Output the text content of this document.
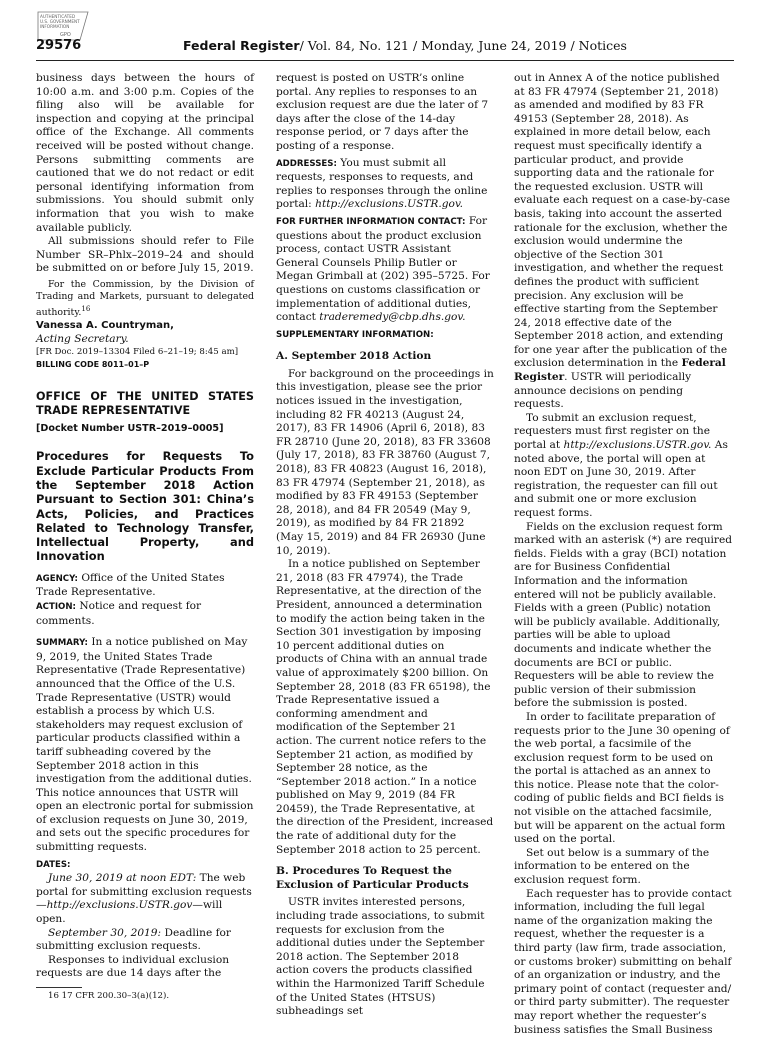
AUTHENTICATED
U.S. GOVERNMENT
INFORMATION
GPO
29576	Federal Register/ Vol. 84, No. 121 / Monday, June 24, 2019 / Notices

business days between the hours of 10:00 a.m. and 3:00 p.m. Copies of the filing also will be available for inspection and copying at the principal office of the Exchange. All comments received will be posted without change. Persons submitting comments are cautioned that we do not redact or edit personal identifying information from submissions. You should submit only information that you wish to make available publicly.

All submissions should refer to File Number SR–Phlx–2019–24 and should be submitted on or before July 15, 2019.

For the Commission, by the Division of Trading and Markets, pursuant to delegated authority.$^{16}$

Vanessa A. Countryman,

Acting Secretary.

[FR Doc. 2019–13304 Filed 6–21–19; 8:45 am]

BILLING CODE 8011–01–P

OFFICE OF THE UNITED STATES TRADE REPRESENTATIVE

[Docket Number USTR–2019–0005]

Procedures for Requests To Exclude Particular Products From the September 2018 Action Pursuant to Section 301: China’s Acts, Policies, and Practices Related to Technology Transfer, Intellectual Property, and Innovation

AGENCY: Office of the United States Trade Representative.

ACTION: Notice and request for comments.

SUMMARY: In a notice published on May 9, 2019, the United States Trade Representative (Trade Representative) announced that the Office of the U.S. Trade Representative (USTR) would establish a process by which U.S. stakeholders may request exclusion of particular products classified within a tariff subheading covered by the September 2018 action in this investigation from the additional duties. This notice announces that USTR will open an electronic portal for submission of exclusion requests on June 30, 2019, and sets out the specific procedures for submitting requests.

DATES:

June 30, 2019 at noon EDT: The web portal for submitting exclusion requests—http://exclusions.USTR.gov—will open.

September 30, 2019: Deadline for submitting exclusion requests.

Responses to individual exclusion requests are due 14 days after the

16 17 CFR 200.30–3(a)(12).

request is posted on USTR’s online portal. Any replies to responses to an exclusion request are due the later of 7 days after the close of the 14-day response period, or 7 days after the posting of a response.

ADDRESSES: You must submit all requests, responses to requests, and replies to responses through the online portal: http://exclusions.USTR.gov.

FOR FURTHER INFORMATION CONTACT: For questions about the product exclusion process, contact USTR Assistant General Counsels Philip Butler or Megan Grimball at (202) 395–5725. For questions on customs classification or implementation of additional duties, contact traderemedy@cbp.dhs.gov.

SUPPLEMENTARY INFORMATION:

A. September 2018 Action

For background on the proceedings in this investigation, please see the prior notices issued in the investigation, including 82 FR 40213 (August 24, 2017), 83 FR 14906 (April 6, 2018), 83 FR 28710 (June 20, 2018), 83 FR 33608 (July 17, 2018), 83 FR 38760 (August 7, 2018), 83 FR 40823 (August 16, 2018), 83 FR 47974 (September 21, 2018), as modified by 83 FR 49153 (September 28, 2018), and 84 FR 20549 (May 9, 2019), as modified by 84 FR 21892 (May 15, 2019) and 84 FR 26930 (June 10, 2019).

In a notice published on September 21, 2018 (83 FR 47974), the Trade Representative, at the direction of the President, announced a determination to modify the action being taken in the Section 301 investigation by imposing 10 percent additional duties on products of China with an annual trade value of approximately $200 billion. On September 28, 2018 (83 FR 65198), the Trade Representative issued a conforming amendment and modification of the September 21 action. The current notice refers to the September 21 action, as modified by September 28 notice, as the “September 2018 action.” In a notice published on May 9, 2019 (84 FR 20459), the Trade Representative, at the direction of the President, increased the rate of additional duty for the September 2018 action to 25 percent.

B. Procedures To Request the Exclusion of Particular Products

USTR invites interested persons, including trade associations, to submit requests for exclusion from the additional duties under the September 2018 action. The September 2018 action covers the products classified within the Harmonized Tariff Schedule of the United States (HTSUS) subheadings set

out in Annex A of the notice published at 83 FR 47974 (September 21, 2018) as amended and modified by 83 FR 49153 (September 28, 2018). As explained in more detail below, each request must specifically identify a particular product, and provide supporting data and the rationale for the requested exclusion. USTR will evaluate each request on a case-by-case basis, taking into account the asserted rationale for the exclusion, whether the exclusion would undermine the objective of the Section 301 investigation, and whether the request defines the product with sufficient precision. Any exclusion will be effective starting from the September 24, 2018 effective date of the September 2018 action, and extending for one year after the publication of the exclusion determination in the Federal Register. USTR will periodically announce decisions on pending requests.

To submit an exclusion request, requesters must first register on the portal at http://exclusions.USTR.gov. As noted above, the portal will open at noon EDT on June 30, 2019. After registration, the requester can fill out and submit one or more exclusion request forms.

Fields on the exclusion request form marked with an asterisk (*) are required fields. Fields with a gray (BCI) notation are for Business Confidential Information and the information entered will not be publicly available. Fields with a green (Public) notation will be publicly available. Additionally, parties will be able to upload documents and indicate whether the documents are BCI or public. Requesters will be able to review the public version of their submission before the submission is posted.

In order to facilitate preparation of requests prior to the June 30 opening of the web portal, a facsimile of the exclusion request form to be used on the portal is attached as an annex to this notice. Please note that the color-coding of public fields and BCI fields is not visible on the attached facsimile, but will be apparent on the actual form used on the portal.

Set out below is a summary of the information to be entered on the exclusion request form.

Each requester has to provide contact information, including the full legal name of the organization making the request, whether the requester is a third party (law firm, trade association, or customs broker) submitting on behalf of an organization or industry, and the primary point of contact (requester and/ or third party submitter). The requester may report whether the requester’s business satisfies the Small Business
